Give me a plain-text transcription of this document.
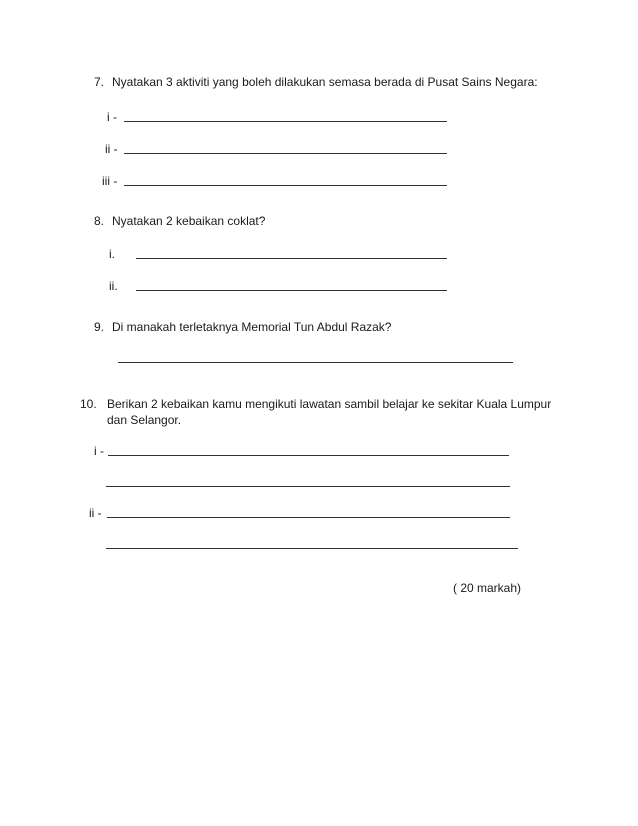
7. Nyatakan 3 aktiviti yang boleh dilakukan semasa berada di Pusat Sains Negara:
i -
ii -
iii -
8. Nyatakan 2 kebaikan coklat?
i.
ii.
9. Di manakah terletaknya Memorial Tun Abdul Razak?
10. Berikan 2 kebaikan kamu mengikuti lawatan sambil belajar ke sekitar Kuala Lumpur
dan Selangor.
i -
ii -
( 20 markah)
